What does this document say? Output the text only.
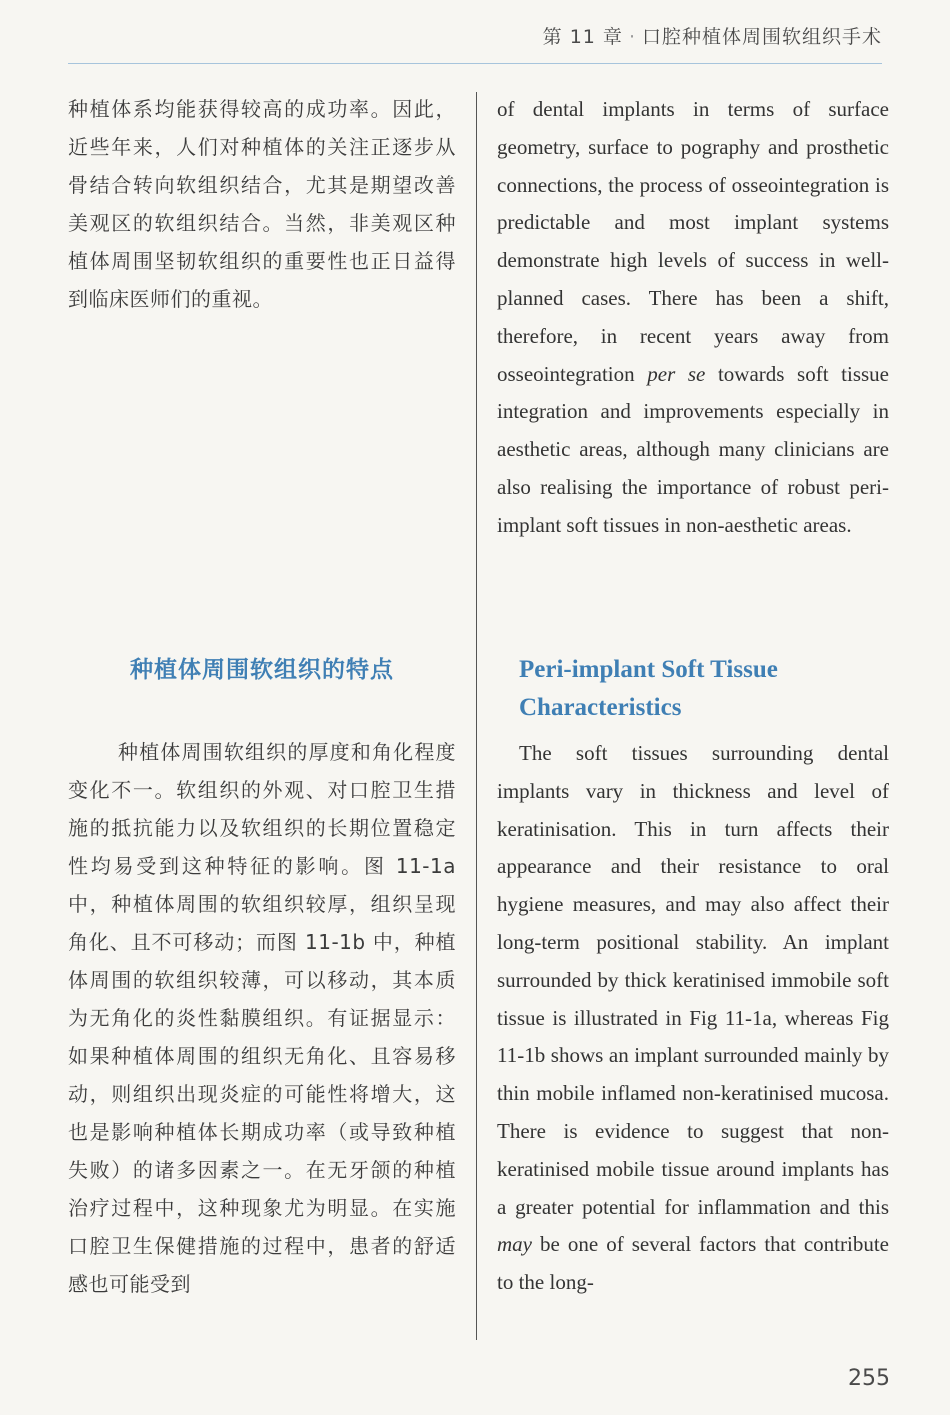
第 11 章 · 口腔种植体周围软组织手术

种植体系均能获得较高的成功率。因此，近些年来，人们对种植体的关注正逐步从骨结合转向软组织结合，尤其是期望改善美观区的软组织结合。当然，非美观区种植体周围坚韧软组织的重要性也正日益得到临床医师们的重视。

种植体周围软组织的特点

种植体周围软组织的厚度和角化程度变化不一。软组织的外观、对口腔卫生措施的抵抗能力以及软组织的长期位置稳定性均易受到这种特征的影响。图 11-1a 中，种植体周围的软组织较厚，组织呈现角化、且不可移动；而图 11-1b 中，种植体周围的软组织较薄，可以移动，其本质为无角化的炎性黏膜组织。有证据显示：如果种植体周围的组织无角化、且容易移动，则组织出现炎症的可能性将增大，这也是影响种植体长期成功率（或导致种植失败）的诸多因素之一。在无牙颌的种植治疗过程中，这种现象尤为明显。在实施口腔卫生保健措施的过程中，患者的舒适感也可能受到

of dental implants in terms of surface geometry, surface to pography and prosthetic connections, the process of osseointegration is predictable and most implant systems demonstrate high levels of success in well-planned cases. There has been a shift, therefore, in recent years away from osseointegration per se towards soft tissue integration and improvements especially in aesthetic areas, although many clinicians are also realising the importance of robust peri-implant soft tissues in non-aesthetic areas.

Peri-implant Soft Tissue Characteristics

The soft tissues surrounding dental implants vary in thickness and level of keratinisation. This in turn affects their appearance and their resistance to oral hygiene measures, and may also affect their long-term positional stability. An implant surrounded by thick keratinised immobile soft tissue is illustrated in Fig 11-1a, whereas Fig 11-1b shows an implant surrounded mainly by thin mobile inflamed non-keratinised mucosa. There is evidence to suggest that non-keratinised mobile tissue around implants has a greater potential for inflammation and this may be one of several factors that contribute to the long-

255
